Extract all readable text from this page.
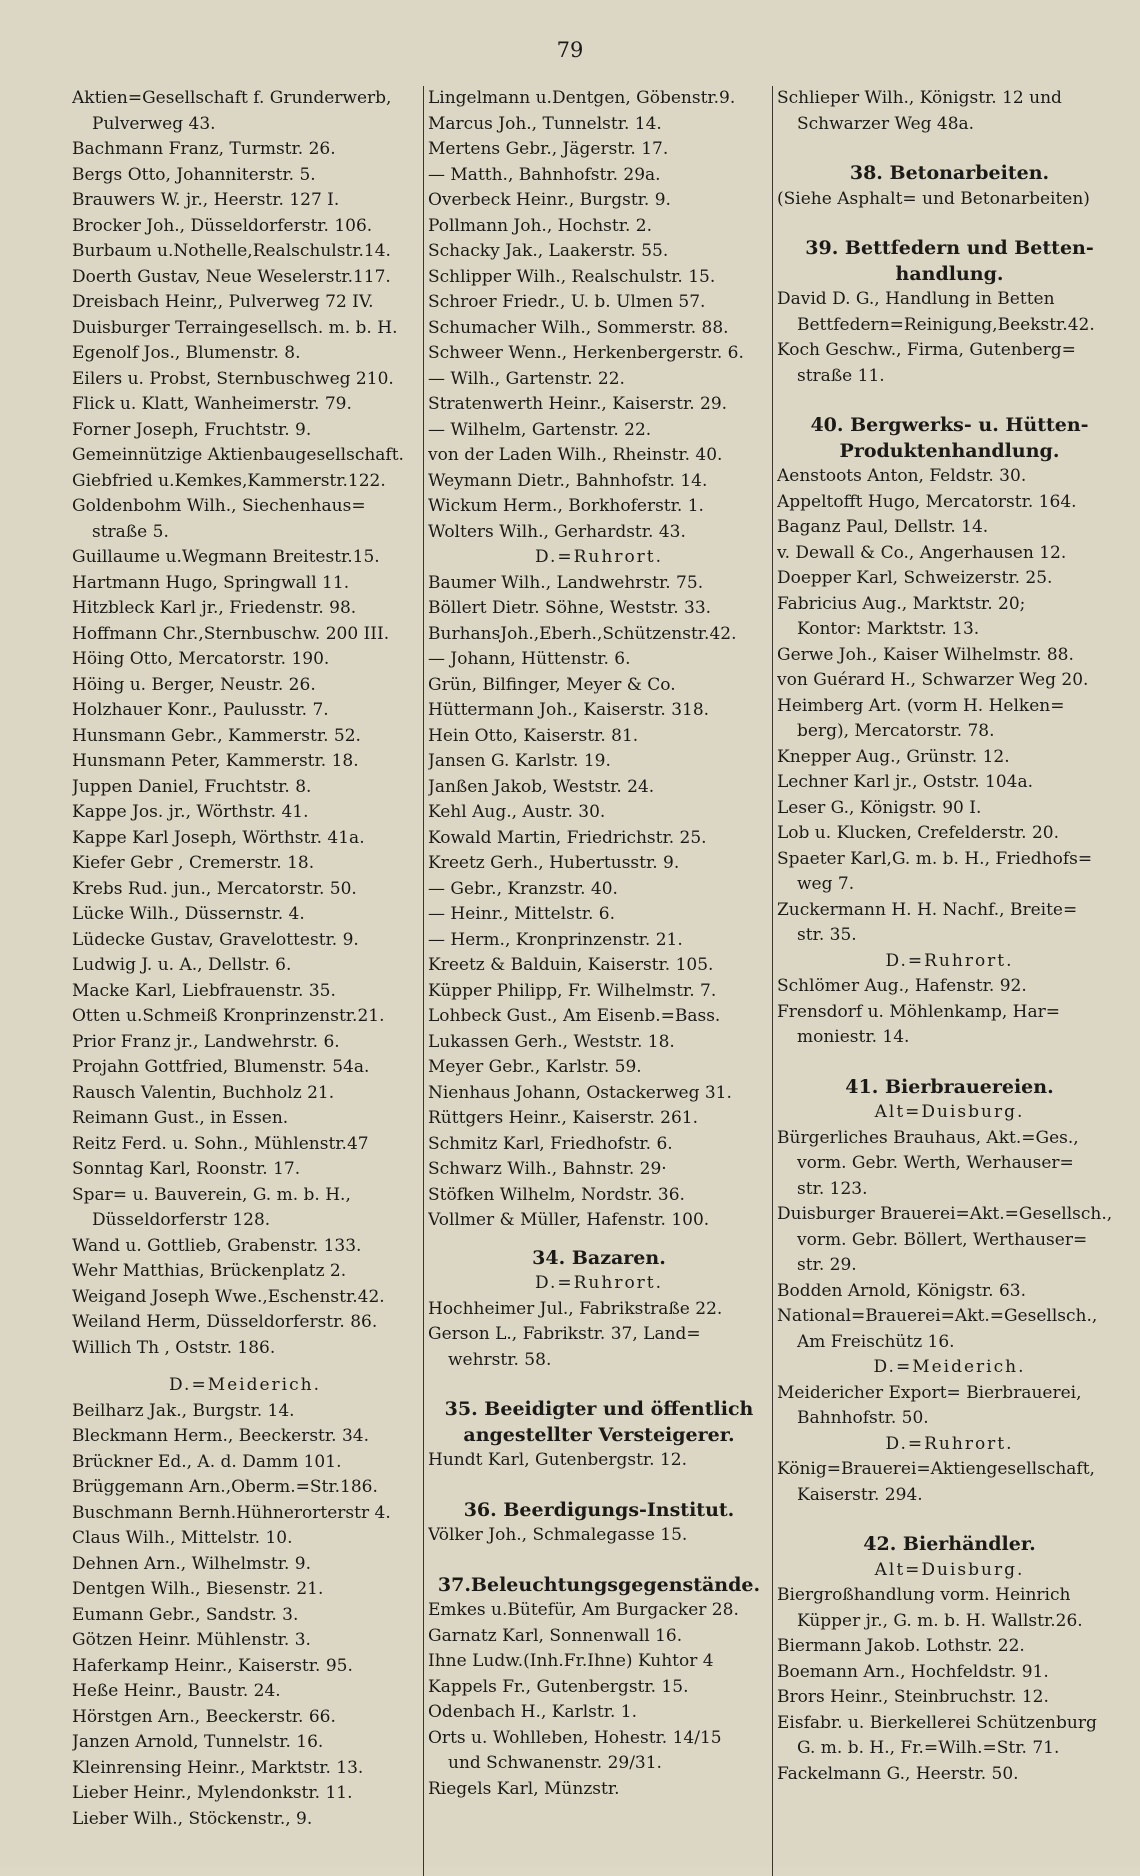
79
Aktien=Gesellschaft f. Grunderwerb,
Pulverweg 43.
Bachmann Franz, Turmstr. 26.
Bergs Otto, Johanniterstr. 5.
Brauwers W. jr., Heerstr. 127 I.
Brocker Joh., Düsseldorferstr. 106.
Burbaum u.Nothelle,Realschulstr.14.
Doerth Gustav, Neue Weselerstr.117.
Dreisbach Heinr,, Pulverweg 72 IV.
Duisburger Terraingesellsch. m. b. H.
Egenolf Jos., Blumenstr. 8.
Eilers u. Probst, Sternbuschweg 210.
Flick u. Klatt, Wanheimerstr. 79.
Forner Joseph, Fruchtstr. 9.
Gemeinnützige Aktienbaugesellschaft.
Giebfried u.Kemkes,Kammerstr.122.
Goldenbohm Wilh., Siechenhaus=
straße 5.
Guillaume u.Wegmann Breitestr.15.
Hartmann Hugo, Springwall 11.
Hitzbleck Karl jr., Friedenstr. 98.
Hoffmann Chr.,Sternbuschw. 200 III.
Höing Otto, Mercatorstr. 190.
Höing u. Berger, Neustr. 26.
Holzhauer Konr., Paulusstr. 7.
Hunsmann Gebr., Kammerstr. 52.
Hunsmann Peter, Kammerstr. 18.
Juppen Daniel, Fruchtstr. 8.
Kappe Jos. jr., Wörthstr. 41.
Kappe Karl Joseph, Wörthstr. 41a.
Kiefer Gebr , Cremerstr. 18.
Krebs Rud. jun., Mercatorstr. 50.
Lücke Wilh., Düssernstr. 4.
Lüdecke Gustav, Gravelottestr. 9.
Ludwig J. u. A., Dellstr. 6.
Macke Karl, Liebfrauenstr. 35.
Otten u.Schmeiß Kronprinzenstr.21.
Prior Franz jr., Landwehrstr. 6.
Projahn Gottfried, Blumenstr. 54a.
Rausch Valentin, Buchholz 21.
Reimann Gust., in Essen.
Reitz Ferd. u. Sohn., Mühlenstr.47
Sonntag Karl, Roonstr. 17.
Spar= u. Bauverein, G. m. b. H.,
Düsseldorferstr 128.
Wand u. Gottlieb, Grabenstr. 133.
Wehr Matthias, Brückenplatz 2.
Weigand Joseph Wwe.,Eschenstr.42.
Weiland Herm, Düsseldorferstr. 86.
Willich Th , Oststr. 186.
D.=Meiderich.
Beilharz Jak., Burgstr. 14.
Bleckmann Herm., Beeckerstr. 34.
Brückner Ed., A. d. Damm 101.
Brüggemann Arn.,Oberm.=Str.186.
Buschmann Bernh.Hühnerorterstr 4.
Claus Wilh., Mittelstr. 10.
Dehnen Arn., Wilhelmstr. 9.
Dentgen Wilh., Biesenstr. 21.
Eumann Gebr., Sandstr. 3.
Götzen Heinr. Mühlenstr. 3.
Haferkamp Heinr., Kaiserstr. 95.
Heße Heinr., Baustr. 24.
Hörstgen Arn., Beeckerstr. 66.
Janzen Arnold, Tunnelstr. 16.
Kleinrensing Heinr., Marktstr. 13.
Lieber Heinr., Mylendonkstr. 11.
Lieber Wilh., Stöckenstr., 9.
Lingelmann u.Dentgen, Göbenstr.9.
Marcus Joh., Tunnelstr. 14.
Mertens Gebr., Jägerstr. 17.
— Matth., Bahnhofstr. 29a.
Overbeck Heinr., Burgstr. 9.
Pollmann Joh., Hochstr. 2.
Schacky Jak., Laakerstr. 55.
Schlipper Wilh., Realschulstr. 15.
Schroer Friedr., U. b. Ulmen 57.
Schumacher Wilh., Sommerstr. 88.
Schweer Wenn., Herkenbergerstr. 6.
— Wilh., Gartenstr. 22.
Stratenwerth Heinr., Kaiserstr. 29.
— Wilhelm, Gartenstr. 22.
von der Laden Wilh., Rheinstr. 40.
Weymann Dietr., Bahnhofstr. 14.
Wickum Herm., Borkhoferstr. 1.
Wolters Wilh., Gerhardstr. 43.
D.=Ruhrort.
Baumer Wilh., Landwehrstr. 75.
Böllert Dietr. Söhne, Weststr. 33.
BurhansJoh.,Eberh.,Schützenstr.42.
— Johann, Hüttenstr. 6.
Grün, Bilfinger, Meyer & Co.
Hüttermann Joh., Kaiserstr. 318.
Hein Otto, Kaiserstr. 81.
Jansen G. Karlstr. 19.
Janßen Jakob, Weststr. 24.
Kehl Aug., Austr. 30.
Kowald Martin, Friedrichstr. 25.
Kreetz Gerh., Hubertusstr. 9.
— Gebr., Kranzstr. 40.
— Heinr., Mittelstr. 6.
— Herm., Kronprinzenstr. 21.
Kreetz & Balduin, Kaiserstr. 105.
Küpper Philipp, Fr. Wilhelmstr. 7.
Lohbeck Gust., Am Eisenb.=Bass.
Lukassen Gerh., Weststr. 18.
Meyer Gebr., Karlstr. 59.
Nienhaus Johann, Ostackerweg 31.
Rüttgers Heinr., Kaiserstr. 261.
Schmitz Karl, Friedhofstr. 6.
Schwarz Wilh., Bahnstr. 29·
Stöfken Wilhelm, Nordstr. 36.
Vollmer & Müller, Hafenstr. 100.
34. Bazaren.
D.=Ruhrort.
Hochheimer Jul., Fabrikstraße 22.
Gerson L., Fabrikstr. 37, Land=
wehrstr. 58.
35. Beeidigter und öffentlich
angestellter Versteigerer.
Hundt Karl, Gutenbergstr. 12.
36. Beerdigungs-Institut.
Völker Joh., Schmalegasse 15.
37.Beleuchtungsgegenstände.
Emkes u.Bütefür, Am Burgacker 28.
Garnatz Karl, Sonnenwall 16.
Ihne Ludw.(Inh.Fr.Ihne) Kuhtor 4
Kappels Fr., Gutenbergstr. 15.
Odenbach H., Karlstr. 1.
Orts u. Wohlleben, Hohestr. 14/15
und Schwanenstr. 29/31.
Riegels Karl, Münzstr.
Schlieper Wilh., Königstr. 12 und
Schwarzer Weg 48a.
38. Betonarbeiten.
(Siehe Asphalt= und Betonarbeiten)
39. Bettfedern und Betten-
handlung.
David D. G., Handlung in Betten
Bettfedern=Reinigung,Beekstr.42.
Koch Geschw., Firma, Gutenberg=
straße 11.
40. Bergwerks- u. Hütten-
Produktenhandlung.
Aenstoots Anton, Feldstr. 30.
Appeltofft Hugo, Mercatorstr. 164.
Baganz Paul, Dellstr. 14.
v. Dewall & Co., Angerhausen 12.
Doepper Karl, Schweizerstr. 25.
Fabricius Aug., Marktstr. 20;
Kontor: Marktstr. 13.
Gerwe Joh., Kaiser Wilhelmstr. 88.
von Guérard H., Schwarzer Weg 20.
Heimberg Art. (vorm H. Helken=
berg), Mercatorstr. 78.
Knepper Aug., Grünstr. 12.
Lechner Karl jr., Oststr. 104a.
Leser G., Königstr. 90 I.
Lob u. Klucken, Crefelderstr. 20.
Spaeter Karl,G. m. b. H., Friedhofs=
weg 7.
Zuckermann H. H. Nachf., Breite=
str. 35.
D.=Ruhrort.
Schlömer Aug., Hafenstr. 92.
Frensdorf u. Möhlenkamp, Har=
moniestr. 14.
41. Bierbrauereien.
Alt=Duisburg.
Bürgerliches Brauhaus, Akt.=Ges.,
vorm. Gebr. Werth, Werhauser=
str. 123.
Duisburger Brauerei=Akt.=Gesellsch.,
vorm. Gebr. Böllert, Werthauser=
str. 29.
Bodden Arnold, Königstr. 63.
National=Brauerei=Akt.=Gesellsch.,
Am Freischütz 16.
D.=Meiderich.
Meidericher Export= Bierbrauerei,
Bahnhofstr. 50.
D.=Ruhrort.
König=Brauerei=Aktiengesellschaft,
Kaiserstr. 294.
42. Bierhändler.
Alt=Duisburg.
Biergroßhandlung vorm. Heinrich
Küpper jr., G. m. b. H. Wallstr.26.
Biermann Jakob. Lothstr. 22.
Boemann Arn., Hochfeldstr. 91.
Brors Heinr., Steinbruchstr. 12.
Eisfabr. u. Bierkellerei Schützenburg
G. m. b. H., Fr.=Wilh.=Str. 71.
Fackelmann G., Heerstr. 50.
